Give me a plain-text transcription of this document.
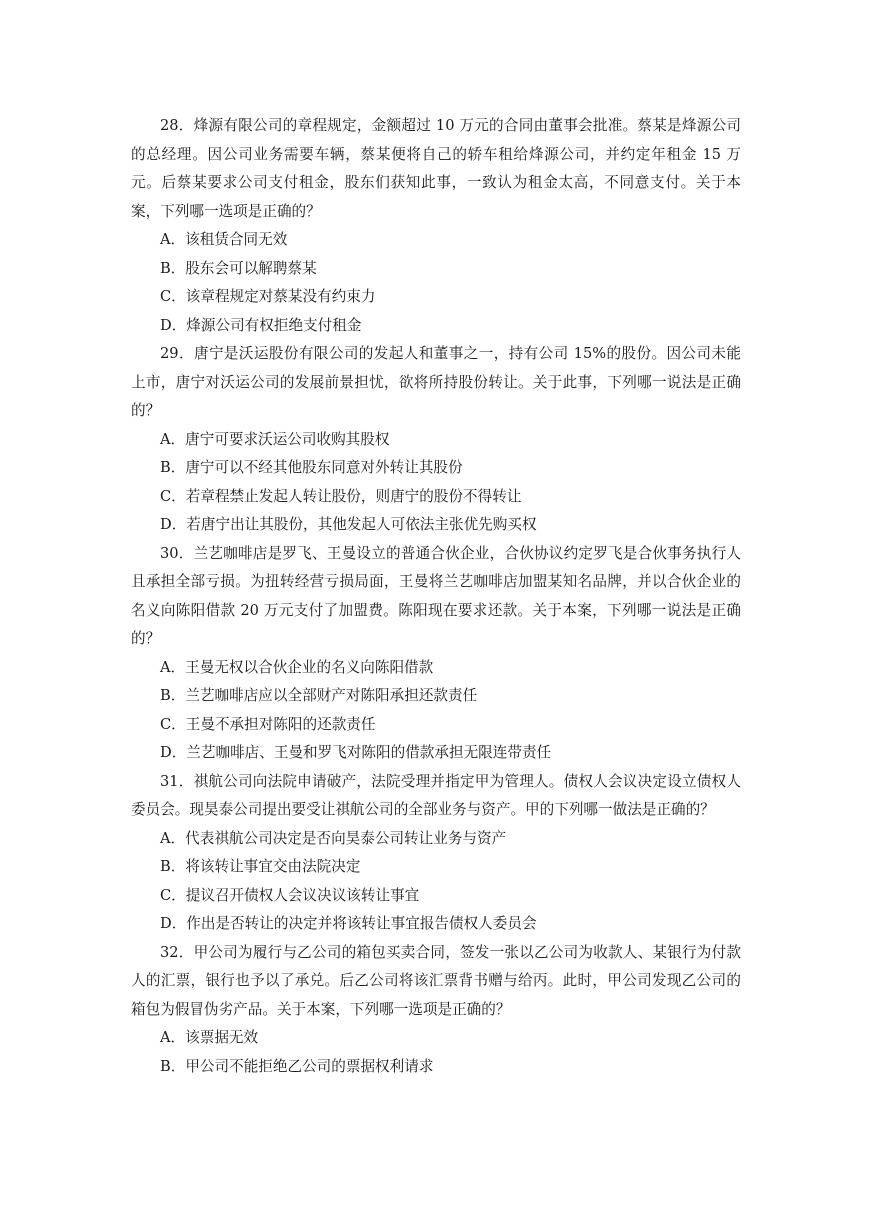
28．烽源有限公司的章程规定，金额超过 10 万元的合同由董事会批准。蔡某是烽源公司的总经理。因公司业务需要车辆，蔡某便将自己的轿车租给烽源公司，并约定年租金 15 万元。后蔡某要求公司支付租金，股东们获知此事，一致认为租金太高，不同意支付。关于本案，下列哪一选项是正确的？

A．该租赁合同无效
B．股东会可以解聘蔡某
C．该章程规定对蔡某没有约束力
D．烽源公司有权拒绝支付租金

29．唐宁是沃运股份有限公司的发起人和董事之一，持有公司 15%的股份。因公司未能上市，唐宁对沃运公司的发展前景担忧，欲将所持股份转让。关于此事，下列哪一说法是正确的？

A．唐宁可要求沃运公司收购其股权
B．唐宁可以不经其他股东同意对外转让其股份
C．若章程禁止发起人转让股份，则唐宁的股份不得转让
D．若唐宁出让其股份，其他发起人可依法主张优先购买权

30．兰艺咖啡店是罗飞、王曼设立的普通合伙企业，合伙协议约定罗飞是合伙事务执行人且承担全部亏损。为扭转经营亏损局面，王曼将兰艺咖啡店加盟某知名品牌，并以合伙企业的名义向陈阳借款 20 万元支付了加盟费。陈阳现在要求还款。关于本案，下列哪一说法是正确的？

A．王曼无权以合伙企业的名义向陈阳借款
B．兰艺咖啡店应以全部财产对陈阳承担还款责任
C．王曼不承担对陈阳的还款责任
D．兰艺咖啡店、王曼和罗飞对陈阳的借款承担无限连带责任

31．祺航公司向法院申请破产，法院受理并指定甲为管理人。债权人会议决定设立债权人委员会。现昊泰公司提出要受让祺航公司的全部业务与资产。甲的下列哪一做法是正确的？

A．代表祺航公司决定是否向昊泰公司转让业务与资产
B．将该转让事宜交由法院决定
C．提议召开债权人会议决议该转让事宜
D．作出是否转让的决定并将该转让事宜报告债权人委员会

32．甲公司为履行与乙公司的箱包买卖合同，签发一张以乙公司为收款人、某银行为付款人的汇票，银行也予以了承兑。后乙公司将该汇票背书赠与给丙。此时，甲公司发现乙公司的箱包为假冒伪劣产品。关于本案，下列哪一选项是正确的？

A．该票据无效
B．甲公司不能拒绝乙公司的票据权利请求
